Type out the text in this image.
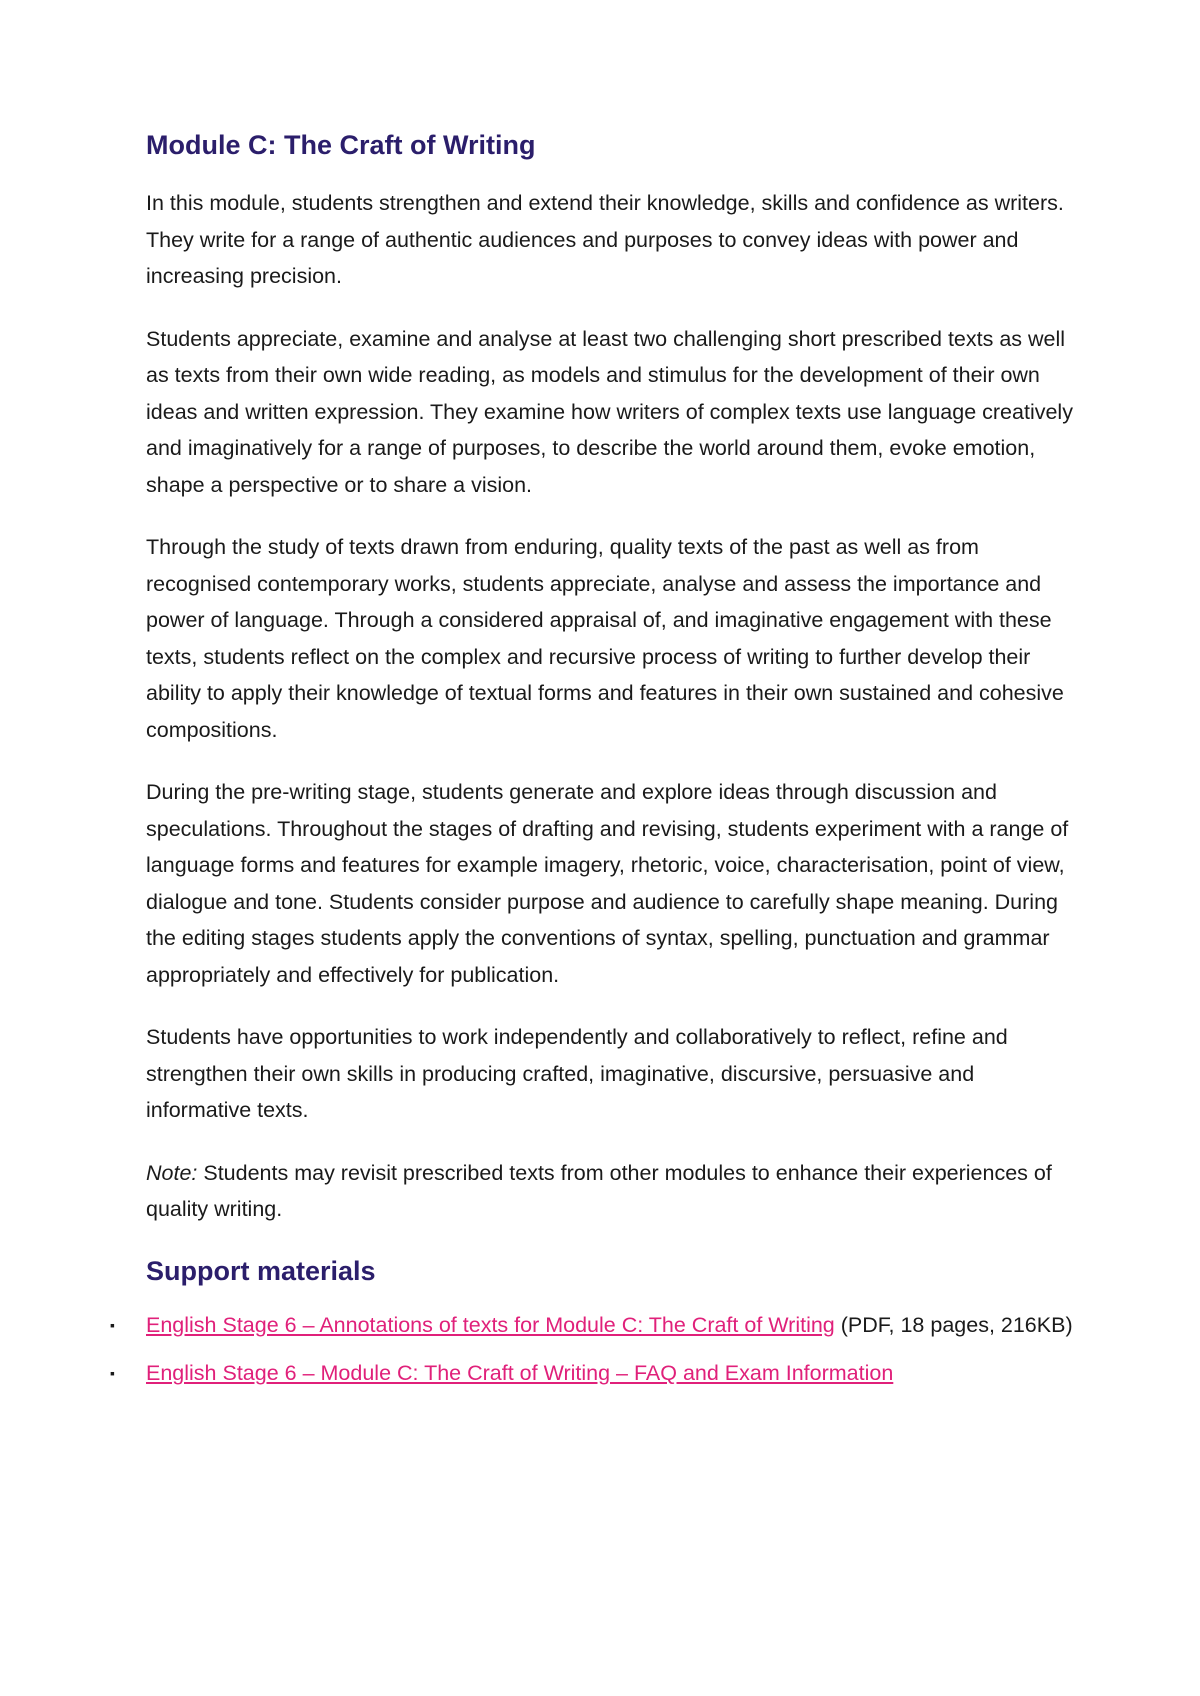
Module C: The Craft of Writing

In this module, students strengthen and extend their knowledge, skills and confidence as writers. They write for a range of authentic audiences and purposes to convey ideas with power and increasing precision.

Students appreciate, examine and analyse at least two challenging short prescribed texts as well as texts from their own wide reading, as models and stimulus for the development of their own ideas and written expression. They examine how writers of complex texts use language creatively and imaginatively for a range of purposes, to describe the world around them, evoke emotion, shape a perspective or to share a vision.

Through the study of texts drawn from enduring, quality texts of the past as well as from recognised contemporary works, students appreciate, analyse and assess the importance and power of language. Through a considered appraisal of, and imaginative engagement with these texts, students reflect on the complex and recursive process of writing to further develop their ability to apply their knowledge of textual forms and features in their own sustained and cohesive compositions.

During the pre-writing stage, students generate and explore ideas through discussion and speculations. Throughout the stages of drafting and revising, students experiment with a range of language forms and features for example imagery, rhetoric, voice, characterisation, point of view, dialogue and tone. Students consider purpose and audience to carefully shape meaning. During the editing stages students apply the conventions of syntax, spelling, punctuation and grammar appropriately and effectively for publication.

Students have opportunities to work independently and collaboratively to reflect, refine and strengthen their own skills in producing crafted, imaginative, discursive, persuasive and informative texts.

Note: Students may revisit prescribed texts from other modules to enhance their experiences of quality writing.

Support materials
▪ English Stage 6 – Annotations of texts for Module C: The Craft of Writing (PDF, 18 pages, 216KB)
▪ English Stage 6 – Module C: The Craft of Writing – FAQ and Exam Information
